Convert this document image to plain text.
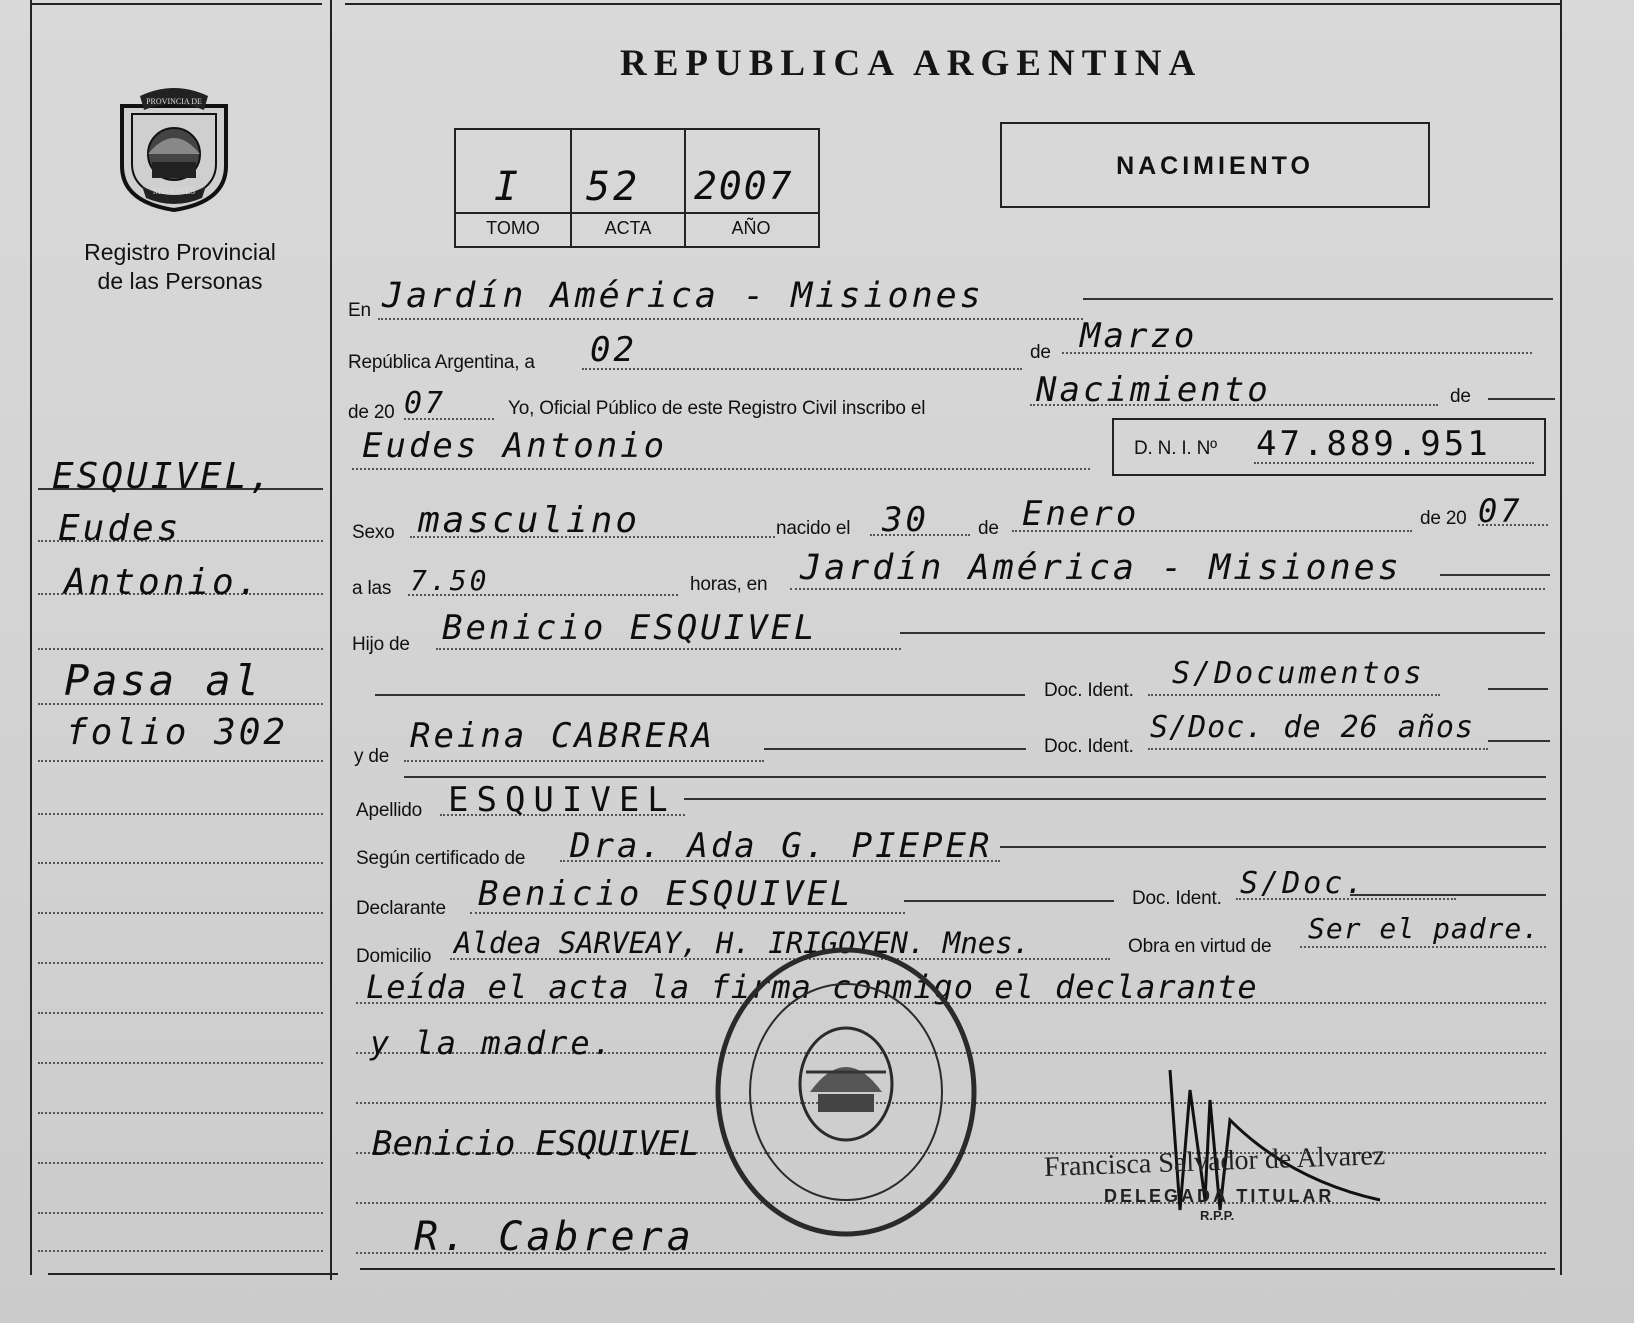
MISIONES
PROVINCIA DE
Registro Provincial
de las Personas
ESQUIVEL,
Eudes
Antonio.
Pasa al
folio 302
REPUBLICA ARGENTINA
I 52 2007
TOMO	ACTA	AÑO
NACIMIENTO
En Jardín América - Misiones
República Argentina, a 02	de Marzo
de 20 07	Yo, Oficial Público de este Registro Civil inscribo el	Nacimiento	de
Eudes Antonio	D. N. I. Nº 47.889.951
Sexo masculino	nacido el 30	de Enero	de 20 07
a las 7.50	horas, en Jardín América - Misiones
Hijo de Benicio ESQUIVEL
Doc. Ident. S/Documentos
y de
Reina CABRERA	Doc. Ident.
S/Doc. de 26 años
Apellido ESQUIVEL
Según certificado de Dra. Ada G. PIEPER
Declarante Benicio ESQUIVEL	Doc. Ident. S/Doc.
Domicilio Aldea SARVEAY, H. IRIGOYEN. Mnes.	Obra en virtud de
Ser el padre.
Leída el acta la firma conmigo el declarante
y la madre.
Benicio ESQUIVEL
R. Cabrera
Francisca Salvador de Alvarez
DELEGADA TITULAR
R.P.P.
